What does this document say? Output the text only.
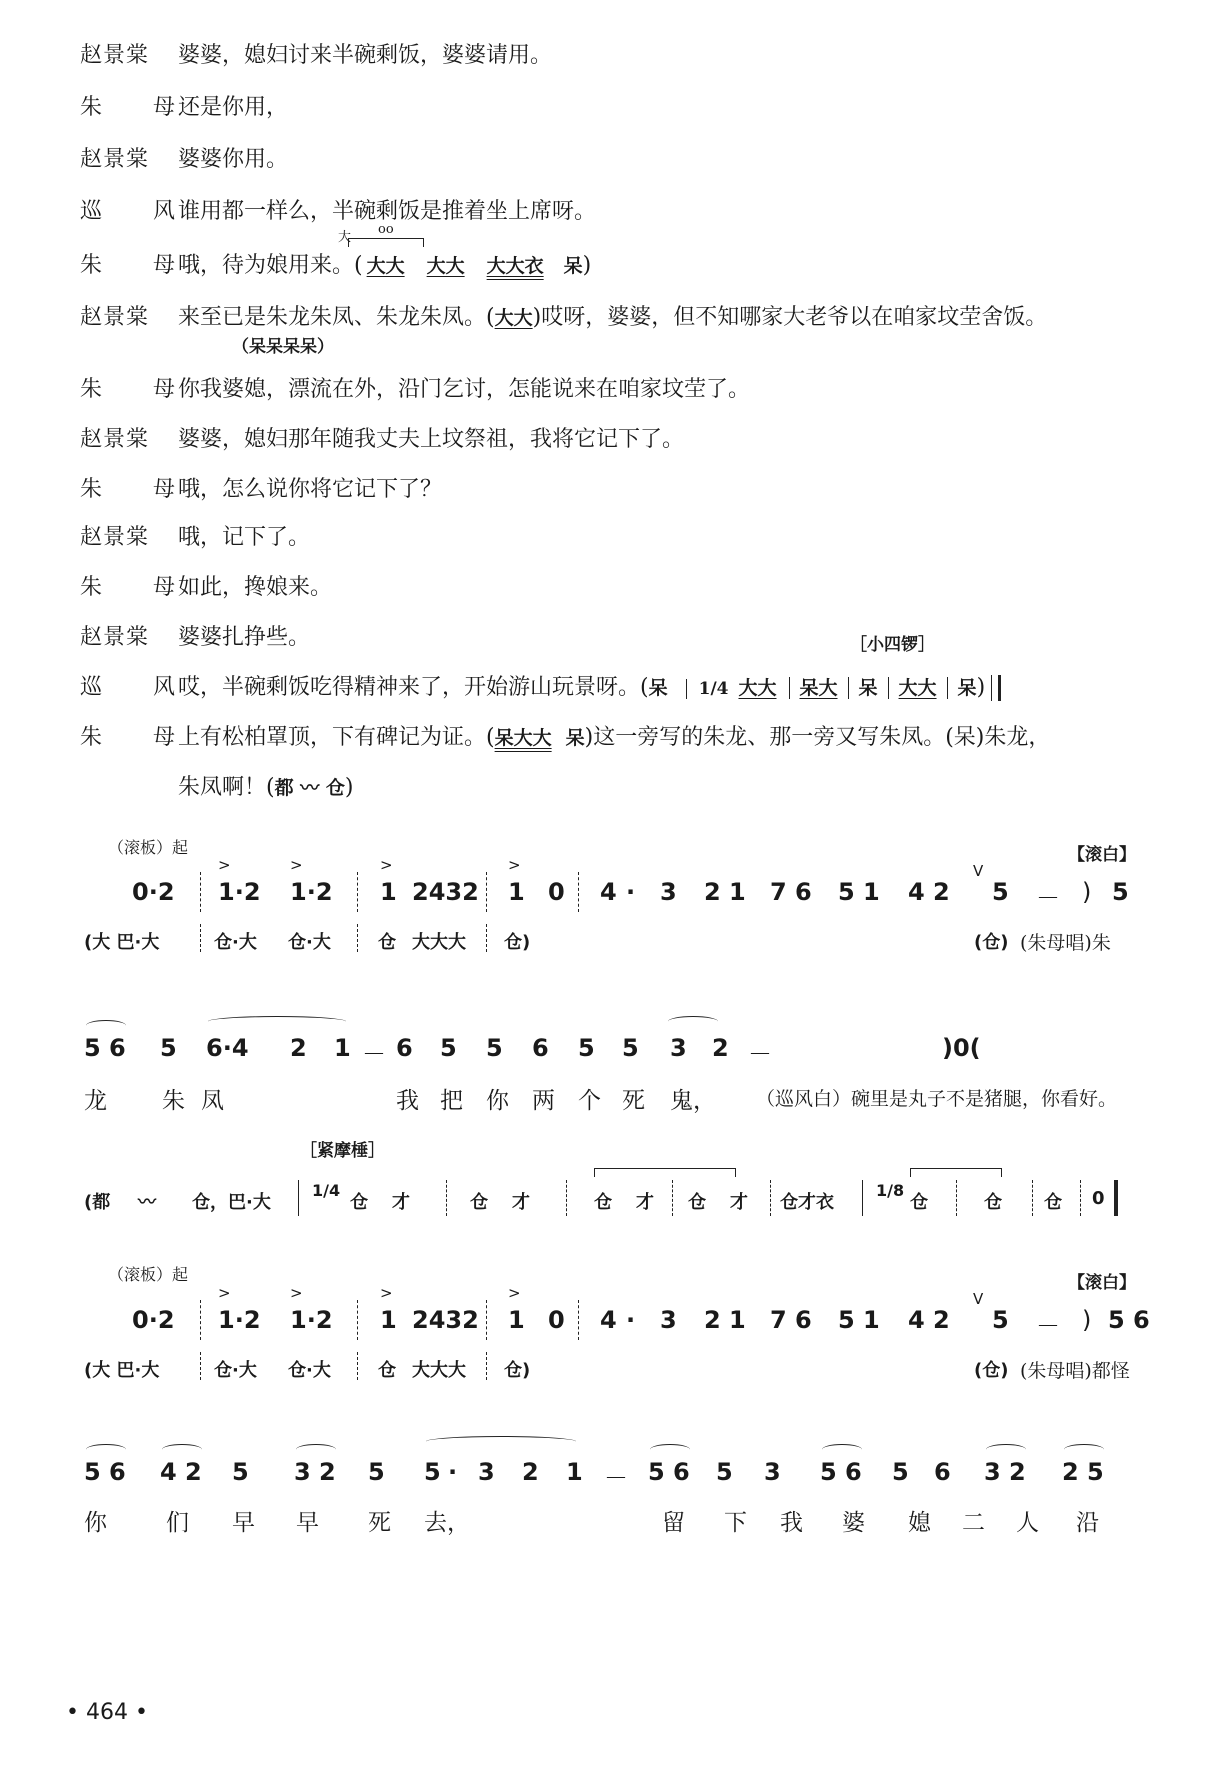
赵景棠 婆婆，媳妇讨来半碗剩饭，婆婆请用。
朱 母还是你用，
赵景棠 婆婆你用。
巡 风谁用都一样么，半碗剩饭是推着坐上席呀。
朱 母哦，待为娘用来。( 大大 大大 大大衣 呆)
大
oo
赵景棠 来至已是朱龙朱凤、朱龙朱凤。(大大)哎呀，婆婆，但不知哪家大老爷以在咱家坟茔舍饭。
（呆呆呆呆）
朱 母你我婆媳，漂流在外，沿门乞讨，怎能说来在咱家坟茔了。
赵景棠 婆婆，媳妇那年随我丈夫上坟祭祖，我将它记下了。
朱 母哦，怎么说你将它记下了？
赵景棠 哦，记下了。
朱 母如此，搀娘来。
赵景棠 婆婆扎挣些。	［小四锣］
巡 风哎，半碗剩饭吃得精神来了，开始游山玩景呀。(呆 1/4 大大 呆大 呆 大大 呆)
朱 母上有松柏罩顶，下有碑记为证。(呆大大 呆)这一旁写的朱龙、那一旁又写朱凤。(呆)朱龙，
朱凤啊！(都 〰 仓)
（滚板）起	【滚白】
0·2 1·2 1·2 1 2432 1 0 4 · 3 2 1 7 6 5 1 4 2 5 － ) 5
>	>	>	>	V
(大 巴·大	仓·大 仓·大	仓 大大大 仓)	(仓) (朱母唱)朱
5 6 5 6·4 2 1 － 6 5 5 6 5 5 3 2 －	)0(
龙 朱凤	我 把 你 两 个 死 鬼， （巡风白）碗里是丸子不是猪腿，你看好。
［紧摩棰］
(都 〰 仓，巴·大
1/4
仓 才	仓 才	仓 才 仓 才 仓才衣
1/8
仓	仓 仓 0
（滚板）起	【滚白】
0·2 1·2 1·2 1 2432 1 0 4 · 3 2 1 7 6 5 1 4 2 5 － ) 5 6
>	>	>	>	V
(大 巴·大	仓·大 仓·大	仓 大大大 仓)	(仓) (朱母唱)都怪
5 6 4 2 5 3 2 5 5 · 3 2 1 － 5 6 5 3 5 6 5 6 3 2 2 5
你	们 早 早 死 去，	留 下 我 婆 媳 二 人 沿
• 464 •
